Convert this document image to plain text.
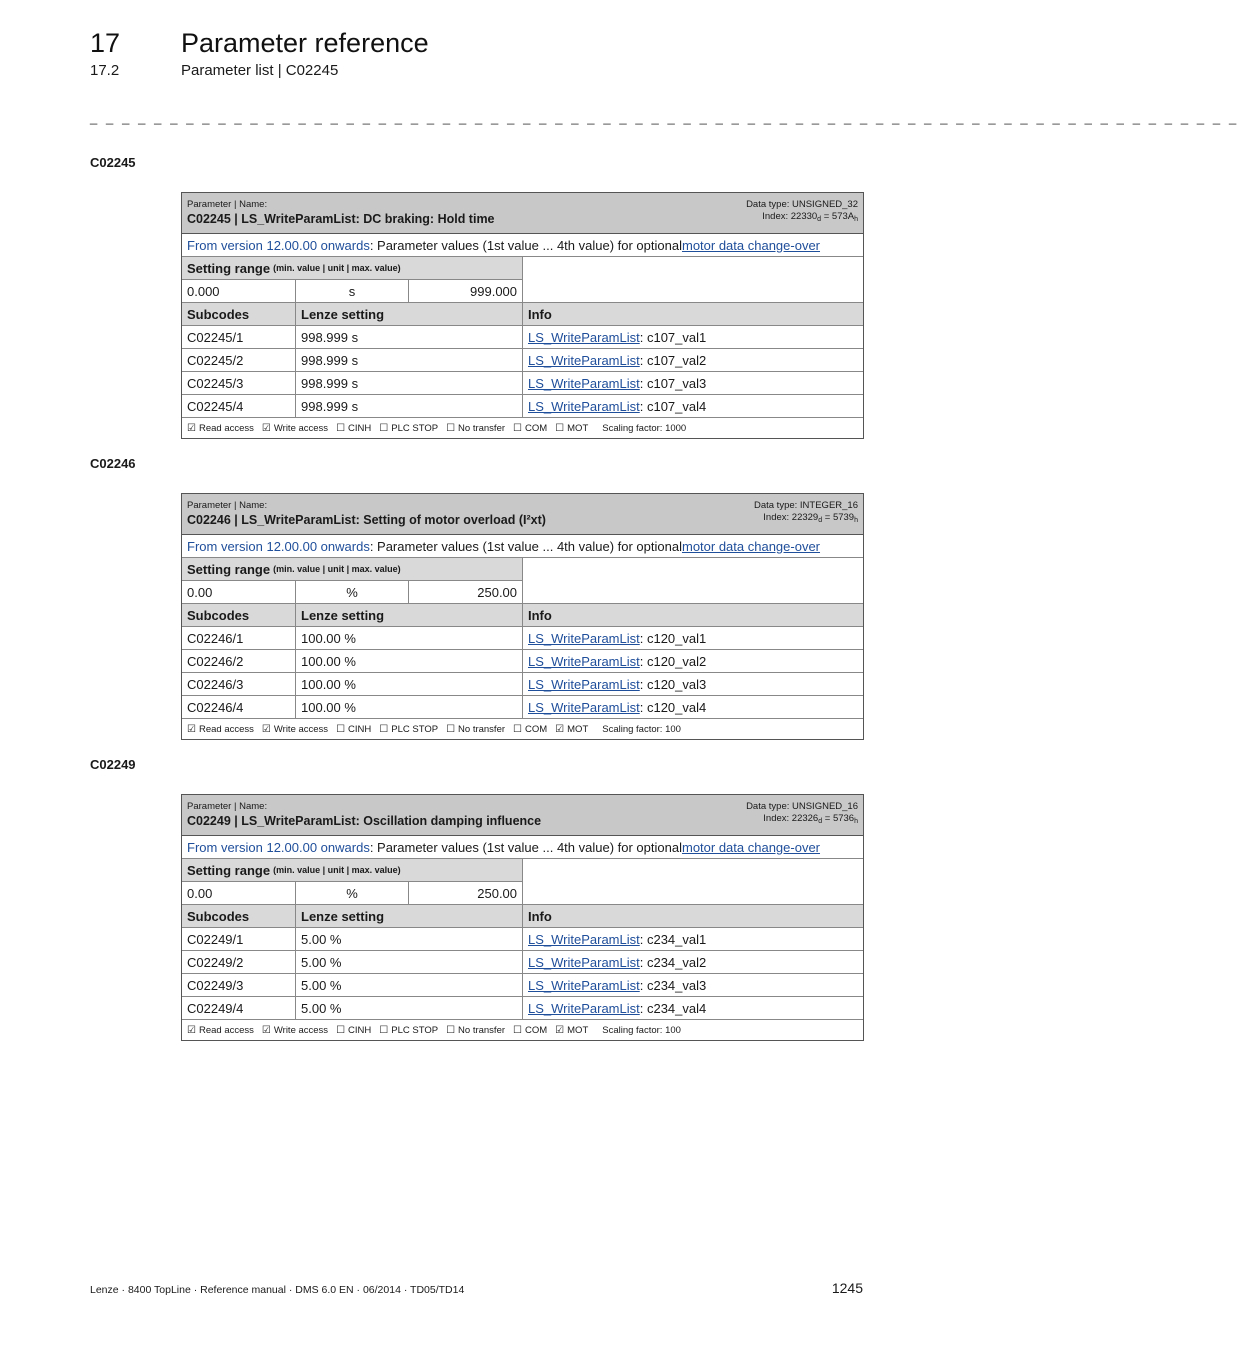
17 Parameter reference
17.2	Parameter list | C02245
_ _ _ _ _ _ _ _ _ _ _ _ _ _ _ _ _ _ _ _ _ _ _ _ _ _ _ _ _ _ _ _ _ _ _ _ _ _ _ _ _ _ _ _ _ _ _ _ _ _ _ _ _ _ _ _ _ _ _ _ _ _ _ _ _ _ _ _ _ _ _ _
C02245
Parameter | Name:
C02245 | LS_WriteParamList: DC braking: Hold time
Data type: UNSIGNED_32
Index: $22330_d = 573A_h$
From version 12.00.00 onwards : Parameter values (1st value ... 4th value) for optional motor data change-over
Setting range (min. value | unit | max. value)
0.000	s	999.000
Subcodes	Lenze setting	Info
C02245/1	998.999 s	LS_WriteParamList : c107_val1
C02245/2	998.999 s	LS_WriteParamList : c107_val2
C02245/3	998.999 s	LS_WriteParamList : c107_val3
C02245/4	998.999 s	LS_WriteParamList : c107_val4
☑ Read access ☑ Write access ☐ CINH ☐ PLC STOP ☐ No transfer ☐ COM ☐ MOT Scaling factor: 1000
C02246
Parameter | Name:
C02246 | LS_WriteParamList: Setting of motor overload (I²xt)
Data type: INTEGER_16
Index: $22329_d = 5739_h$
From version 12.00.00 onwards : Parameter values (1st value ... 4th value) for optional motor data change-over
Setting range (min. value | unit | max. value)
0.00	%	250.00
Subcodes	Lenze setting	Info
C02246/1	100.00 %	LS_WriteParamList : c120_val1
C02246/2	100.00 %	LS_WriteParamList : c120_val2
C02246/3	100.00 %	LS_WriteParamList : c120_val3
C02246/4	100.00 %	LS_WriteParamList : c120_val4
☑ Read access ☑ Write access ☐ CINH ☐ PLC STOP ☐ No transfer ☐ COM ☑ MOT Scaling factor: 100
C02249
Parameter | Name:
C02249 | LS_WriteParamList: Oscillation damping influence
Data type: UNSIGNED_16
Index: $22326_d = 5736_h$
From version 12.00.00 onwards : Parameter values (1st value ... 4th value) for optional motor data change-over
Setting range (min. value | unit | max. value)
0.00	%	250.00
Subcodes	Lenze setting	Info
C02249/1	5.00 %	LS_WriteParamList : c234_val1
C02249/2	5.00 %	LS_WriteParamList : c234_val2
C02249/3	5.00 %	LS_WriteParamList : c234_val3
C02249/4	5.00 %	LS_WriteParamList : c234_val4
☑ Read access ☑ Write access ☐ CINH ☐ PLC STOP ☐ No transfer ☐ COM ☑ MOT Scaling factor: 100
Lenze · 8400 TopLine · Reference manual · DMS 6.0 EN · 06/2014 · TD05/TD14	1245
